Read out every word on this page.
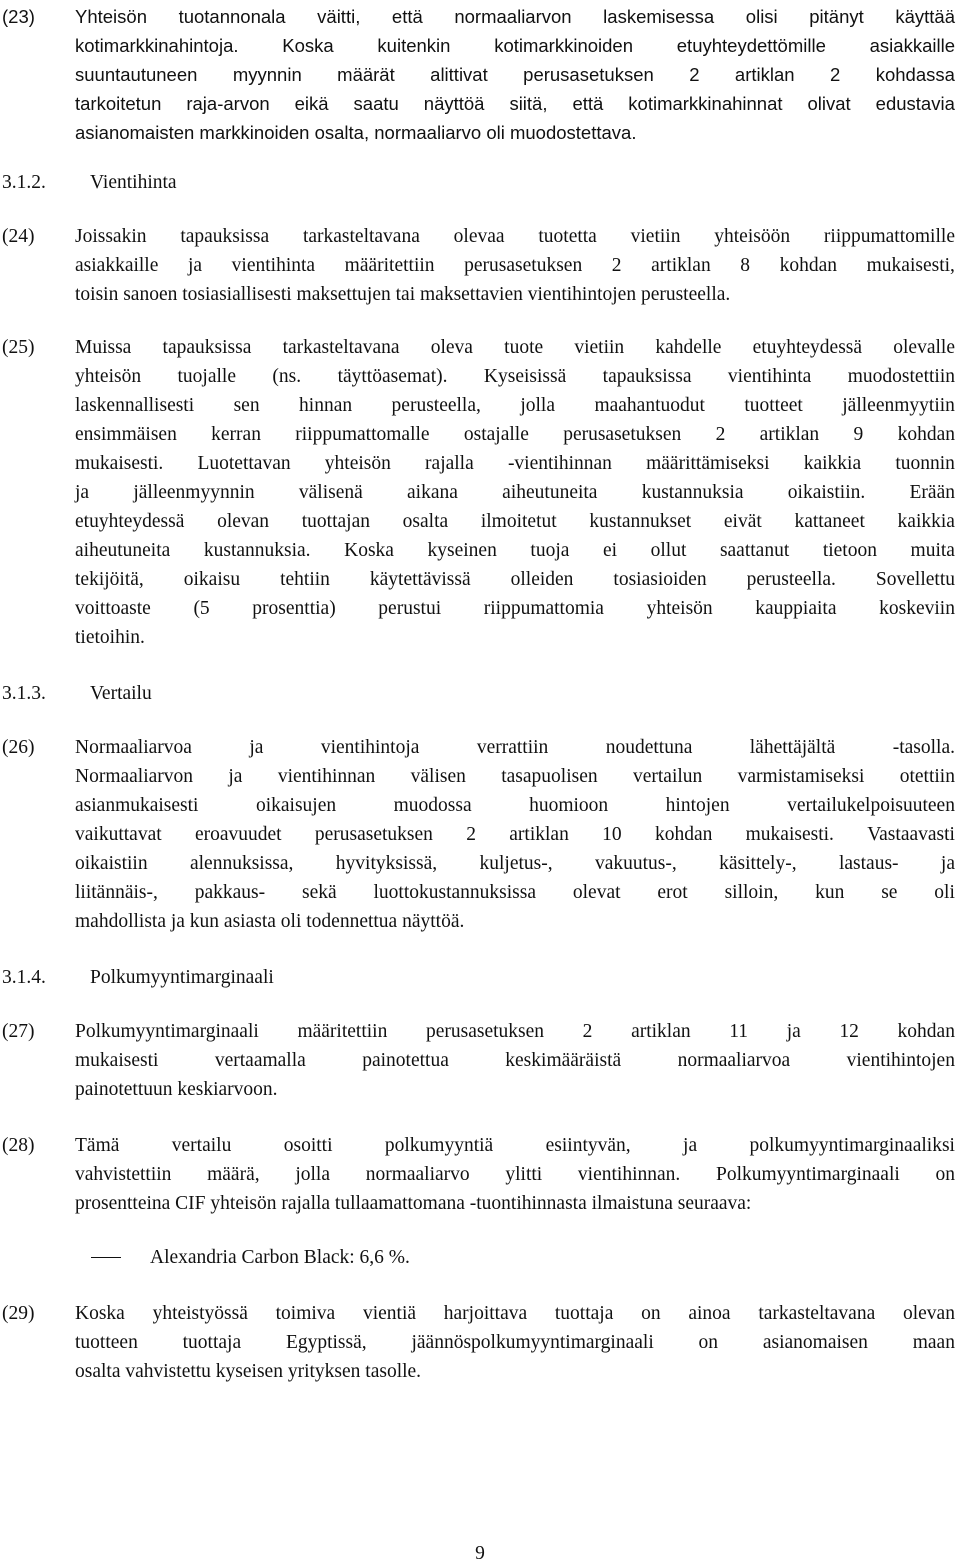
(23) Yhteisön tuotannonala väitti, että normaaliarvon laskemisessa olisi pitänyt käyttää
kotimarkkinahintoja. Koska kuitenkin kotimarkkinoiden etuyhteydettömille asiakkaille
suuntautuneen myynnin määrät alittivat perusasetuksen 2 artiklan 2 kohdassa
tarkoitetun raja-arvon eikä saatu näyttöä siitä, että kotimarkkinahinnat olivat edustavia
asianomaisten markkinoiden osalta, normaaliarvo oli muodostettava.
3.1.2. Vientihinta
(24) Joissakin tapauksissa tarkasteltavana olevaa tuotetta vietiin yhteisöön riippumattomille
asiakkaille ja vientihinta määritettiin perusasetuksen 2 artiklan 8 kohdan mukaisesti,
toisin sanoen tosiasiallisesti maksettujen tai maksettavien vientihintojen perusteella.
(25) Muissa tapauksissa tarkasteltavana oleva tuote vietiin kahdelle etuyhteydessä olevalle
yhteisön tuojalle (ns. täyttöasemat). Kyseisissä tapauksissa vientihinta muodostettiin
laskennallisesti sen hinnan perusteella, jolla maahantuodut tuotteet jälleenmyytiin
ensimmäisen kerran riippumattomalle ostajalle perusasetuksen 2 artiklan 9 kohdan
mukaisesti. Luotettavan yhteisön rajalla -vientihinnan määrittämiseksi kaikkia tuonnin
ja jälleenmyynnin välisenä aikana aiheutuneita kustannuksia oikaistiin. Erään
etuyhteydessä olevan tuottajan osalta ilmoitetut kustannukset eivät kattaneet kaikkia
aiheutuneita kustannuksia. Koska kyseinen tuoja ei ollut saattanut tietoon muita
tekijöitä, oikaisu tehtiin käytettävissä olleiden tosiasioiden perusteella. Sovellettu
voittoaste (5 prosenttia) perustui riippumattomia yhteisön kauppiaita koskeviin
tietoihin.
3.1.3. Vertailu
(26) Normaaliarvoa	ja	vientihintoja	verrattiin	noudettuna	lähettäjältä	-tasolla.
Normaaliarvon ja vientihinnan välisen tasapuolisen vertailun varmistamiseksi otettiin
asianmukaisesti	oikaisujen	muodossa	huomioon	hintojen	vertailukelpoisuuteen
vaikuttavat eroavuudet perusasetuksen 2 artiklan 10 kohdan mukaisesti. Vastaavasti
oikaistiin alennuksissa, hyvityksissä, kuljetus-, vakuutus-, käsittely-, lastaus- ja
liitännäis-, pakkaus- sekä luottokustannuksissa olevat erot silloin, kun se oli
mahdollista ja kun asiasta oli todennettua näyttöä.
3.1.4. Polkumyyntimarginaali
(27) Polkumyyntimarginaali määritettiin perusasetuksen 2 artiklan 11 ja 12 kohdan
mukaisesti	vertaamalla	painotettua	keskimääräistä	normaaliarvoa	vientihintojen
painotettuun keskiarvoon.
(28) Tämä	vertailu	osoitti	polkumyyntiä	esiintyvän,	ja	polkumyyntimarginaaliksi
vahvistettiin määrä, jolla normaaliarvo ylitti vientihinnan. Polkumyyntimarginaali on
prosentteina CIF yhteisön rajalla tullaamattomana -tuontihinnasta ilmaistuna seuraava:
Alexandria Carbon Black: 6,6 %.
(29) Koska yhteistyössä toimiva vientiä harjoittava tuottaja on ainoa tarkasteltavana olevan
tuotteen tuottaja Egyptissä, jäännöspolkumyyntimarginaali on asianomaisen maan
osalta vahvistettu kyseisen yrityksen tasolle.
9
